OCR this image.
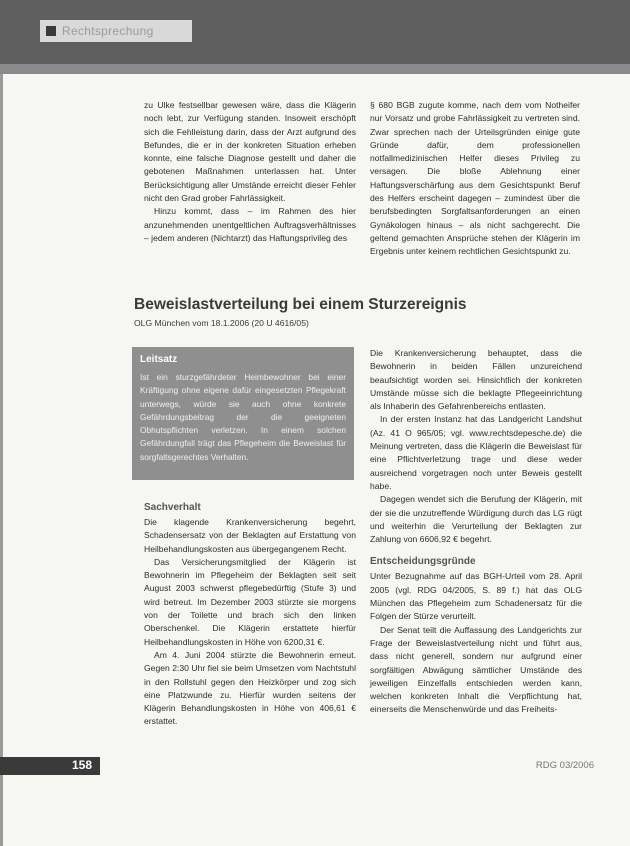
Rechtsprechung

zu Ulke festsellbar gewesen wäre, dass die Klägerin noch lebt, zur Verfügung standen. Insoweit erschöpft sich die Fehlleistung darin, dass der Arzt aufgrund des Befundes, die er in der konkreten Situation erheben konnte, eine falsche Diagnose gestellt und daher die gebotenen Maßnahmen unterlassen hat. Unter Berücksichtigung aller Umstände erreicht dieser Fehler nicht den Grad grober Fahrlässigkeit.

Hinzu kommt, dass – im Rahmen des hier anzunehmenden unentgeltlichen Auftragsverhältnisses – jedem anderen (Nichtarzt) das Haftungsprivileg des

§ 680 BGB zugute komme, nach dem vom Notheifer nur Vorsatz und grobe Fahrlässigkeit zu vertreten sind. Zwar sprechen nach der Urteilsgründen einige gute Gründe dafür, dem professionellen notfallmedizinischen Helfer dieses Privileg zu versagen. Die bloße Ablehnung einer Haftungsverschärfung aus dem Gesichtspunkt Beruf des Helfers erscheint dagegen – zumindest über die berufsbedingten Sorgfaltsanforderungen an einen Gynäkologen hinaus – als nicht sachgerecht. Die geltend gemachten Ansprüche stehen der Klägerin im Ergebnis unter keinem rechtlichen Gesichtspunkt zu.

Beweislastverteilung bei einem Sturzereignis
OLG München vom 18.1.2006 (20 U 4616/05)

Leitsatz

Ist ein sturzgefährdeter Heimbewohner bei einer Kräftigung ohne eigene dafür eingesetzten Pflegekraft unterwegs, würde sie auch ohne konkrete Gefährdungsbeitrag der die geeigneten Obhutspflichten verletzen. In einem solchen Gefährdungfall trägt das Pflegeheim die Beweislast für sorgfaltsgerechtes Verhalten.

Sachverhalt

Die klagende Krankenversicherung begehrt, Schadensersatz von der Beklagten auf Erstattung von Heilbehandlungskosten aus übergegangenem Recht.

Das Versicherungsmitglied der Klägerin ist Bewohnerin im Pflegeheim der Beklagten seit seit August 2003 schwerst pflegebedürftig (Stufe 3) und wird betreut. Im Dezember 2003 stürzte sie morgens von der Toilette und brach sich den linken Oberschenkel. Die Klägerin erstattete hierfür Heilbehandlungskosten in Höhe von 6200,31 €.

Am 4. Juni 2004 stürzte die Bewohnerin erneut. Gegen 2:30 Uhr fiel sie beim Umsetzen vom Nachtstuhl in den Rollstuhl gegen den Heizkörper und zog sich eine Platzwunde zu. Hierfür wurden seitens der Klägerin Behandlungskosten in Höhe von 406,61 € erstattet.

Die Krankenversicherung behauptet, dass die Bewohnerin in beiden Fällen unzureichend beaufsichtigt worden sei. Hinsichtlich der konkreten Umstände müsse sich die beklagte Pflegeeinrichtung als Inhaberin des Gefahrenbereichs entlasten.

In der ersten Instanz hat das Landgericht Landshut (Az. 41 O 965/05; vgl. www.rechtsdepesche.de) die Meinung vertreten, dass die Klägerin die Beweislast für eine Pflichtverletzung trage und diese weder ausreichend vorgetragen noch unter Beweis gestellt habe.

Dagegen wendet sich die Berufung der Klägerin, mit der sie die unzutreffende Würdigung durch das LG rügt und weiterhin die Verurteilung der Beklagten zur Zahlung von 6606,92 € begehrt.

Entscheidungsgründe

Unter Bezugnahme auf das BGH-Urteil vom 28. April 2005 (vgl. RDG 04/2005, S. 89 f.) hat das OLG München das Pflegeheim zum Schadenersatz für die Folgen der Stürze verurteilt.

Der Senat teilt die Auffassung des Landgerichts zur Frage der Beweislastverteilung nicht und führt aus, dass nicht generell, sondern nur aufgrund einer sorgfältigen Abwägung sämtlicher Umstände des jeweiligen Einzelfalls entschieden werden kann, welchen konkreten Inhalt die Verpflichtung hat, einerseits die Menschenwürde und das Freiheits-

158	RDG 03/2006
